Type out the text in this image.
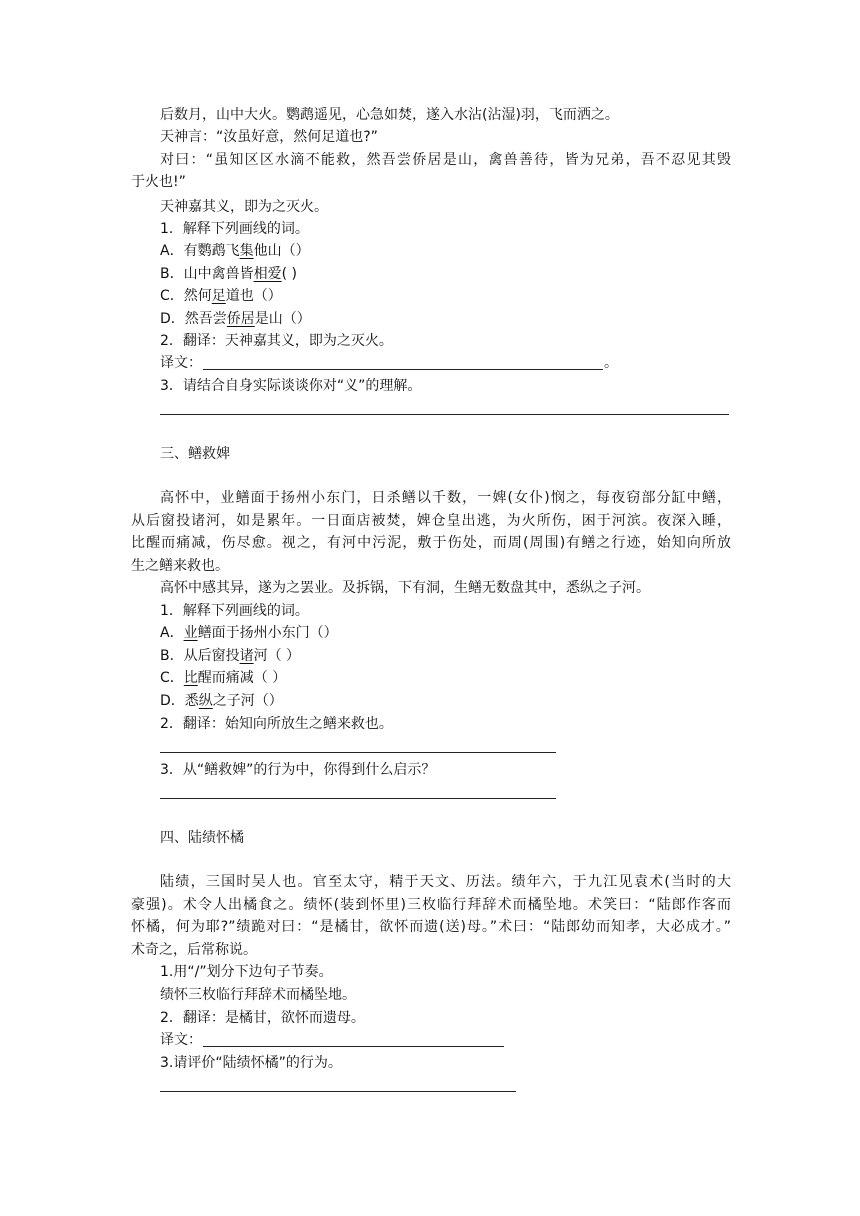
后数月，山中大火。鹦鹉遥见，心急如焚，遂入水沾(沾湿)羽，飞而洒之。
天神言：“汝虽好意，然何足道也?”
对曰：“虽知区区水滴不能救，然吾尝侨居是山，禽兽善待，皆为兄弟，吾不忍见其毁
于火也!”
天神嘉其义，即为之灭火。
1．解释下列画线的词。
A．有鹦鹉飞集他山（）
B．山中禽兽皆相爱( )
C．然何足道也（）
D．然吾尝侨居是山（）
2．翻译：天神嘉其义，即为之灭火。
译文：	。
3．请结合自身实际谈谈你对“义”的理解。
三、鳝救婢
高怀中，业鳝面于扬州小东门，日杀鳝以千数，一婢(女仆)悯之，每夜窃部分缸中鳝，
从后窗投诸河，如是累年。一日面店被焚，婢仓皇出逃，为火所伤，困于河滨。夜深入睡，
比醒而痛减，伤尽愈。视之，有河中污泥，敷于伤处，而周(周围)有鳝之行迹，始知向所放
生之鳝来救也。
高怀中感其异，遂为之罢业。及拆锅，下有洞，生鳝无数盘其中，悉纵之子河。
1．解释下列画线的词。
A．业鳝面于扬州小东门（）
B．从后窗投诸河（ ）
C．比醒而痛减（ ）
D．悉纵之子河（）
2．翻译：始知向所放生之鳝来救也。
3．从“鳝救婢”的行为中，你得到什么启示？
四、陆绩怀橘
陆绩，三国时吴人也。官至太守，精于天文、历法。绩年六，于九江见袁术(当时的大
豪强)。术令人出橘食之。绩怀(装到怀里)三枚临行拜辞术而橘坠地。术笑曰：“陆郎作客而
怀橘，何为耶?”绩跪对曰：“是橘甘，欲怀而遗(送)母。”术曰：“陆郎幼而知孝，大必成才。”
术奇之，后常称说。
1.用“/”划分下边句子节奏。
绩怀三枚临行拜辞术而橘坠地。
2．翻译：是橘甘，欲怀而遗母。
译文：
3.请评价“陆绩怀橘”的行为。
